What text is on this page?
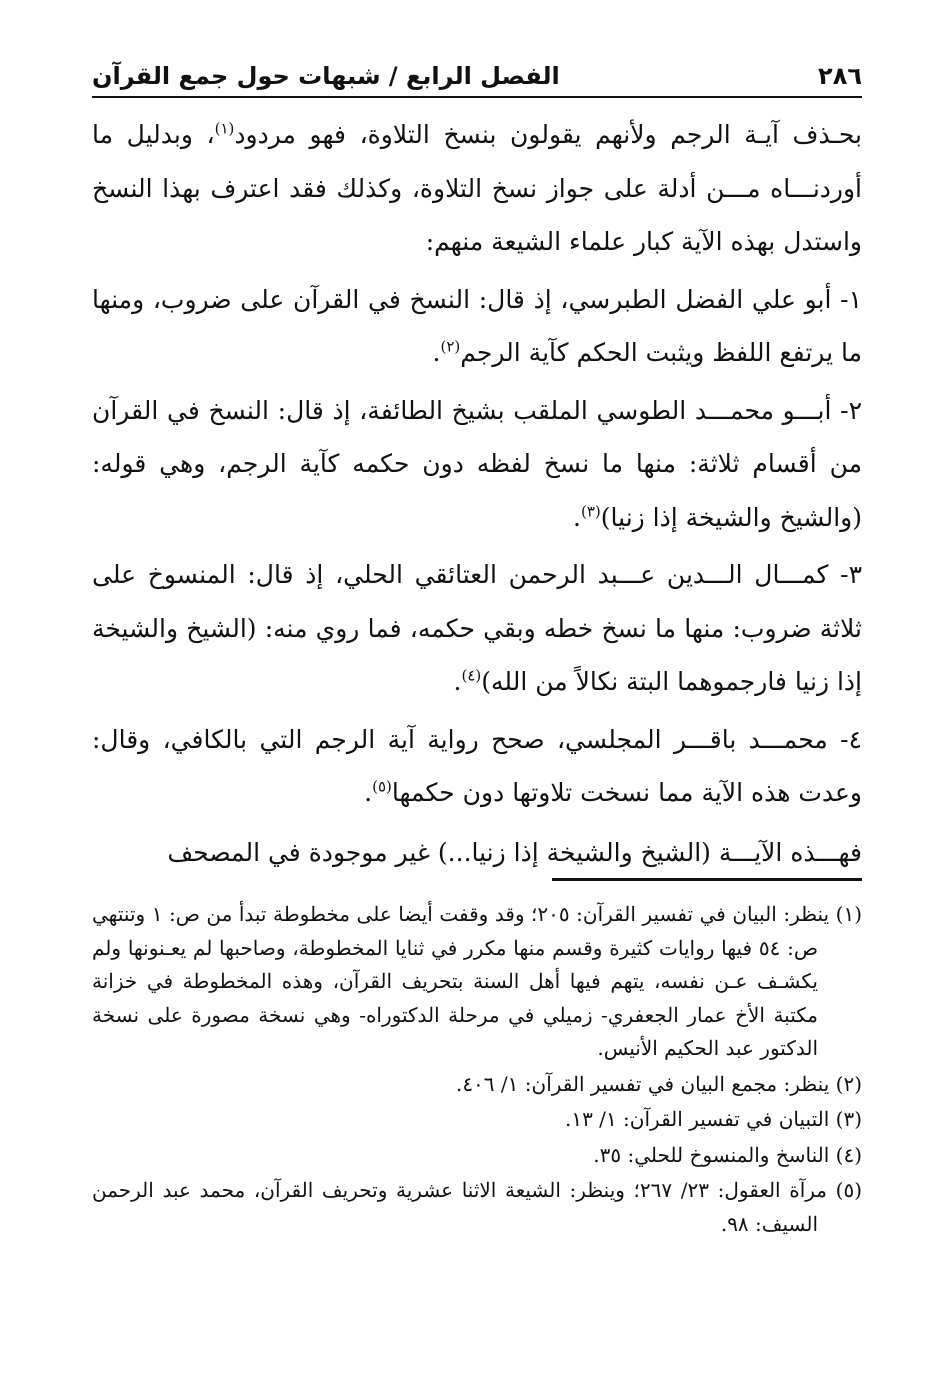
٢٨٦
الفصل الرابع / شبهات حول جمع القرآن

بحـذف آيـة الرجم ولأنهم يقولون بنسخ التلاوة، فهو مردود$^{(١)}$، وبدليل ما أوردنـــاه مـــن أدلة على جواز نسخ التلاوة، وكذلك فقد اعترف بهذا النسخ واستدل بهذه الآية كبار علماء الشيعة منهم:

١- أبو علي الفضل الطبرسي، إذ قال: النسخ في القرآن على ضروب، ومنها ما يرتفع اللفظ ويثبت الحكم كآية الرجم$^{(٢)}$.

٢- أبـــو محمـــد الطوسي الملقب بشيخ الطائفة، إذ قال: النسخ في القرآن من أقسام ثلاثة: منها ما نسخ لفظه دون حكمه كآية الرجم، وهي قوله: (والشيخ والشيخة إذا زنيا)$^{(٣)}$.

٣- كمـــال الـــدين عـــبد الرحمن العتائقي الحلي، إذ قال: المنسوخ على ثلاثة ضروب: منها ما نسخ خطه وبقي حكمه، فما روي منه: (الشيخ والشيخة إذا زنيا فارجموهما البتة نكالاً من الله)$^{(٤)}$.

٤- محمـــد باقـــر المجلسي، صحح رواية آية الرجم التي بالكافي، وقال: وعدت هذه الآية مما نسخت تلاوتها دون حكمها$^{(٥)}$.

فهـــذه الآيـــة (الشيخ والشيخة إذا زنيا...) غير موجودة في المصحف

(١) ينظر: البيان في تفسير القرآن: ٢٠٥؛ وقد وقفت أيضا على مخطوطة تبدأ من ص: ١ وتنتهي ص: ٥٤ فيها روايات كثيرة وقسم منها مكرر في ثنايا المخطوطة، وصاحبها لم يعـنونها ولم يكشـف عـن نفسه، يتهم فيها أهل السنة بتحريف القرآن، وهذه المخطوطة في خزانة مكتبة الأخ عمار الجعفري- زميلي في مرحلة الدكتوراه- وهي نسخة مصورة على نسخة الدكتور عبد الحكيم الأنيس.

(٢) ينظر: مجمع البيان في تفسير القرآن: ١/ ٤٠٦.

(٣) التبيان في تفسير القرآن: ١/ ١٣.

(٤) الناسخ والمنسوخ للحلي: ٣٥.

(٥) مرآة العقول: ٢٣/ ٢٦٧؛ وينظر: الشيعة الاثنا عشرية وتحريف القرآن، محمد عبد الرحمن السيف: ٩٨.
